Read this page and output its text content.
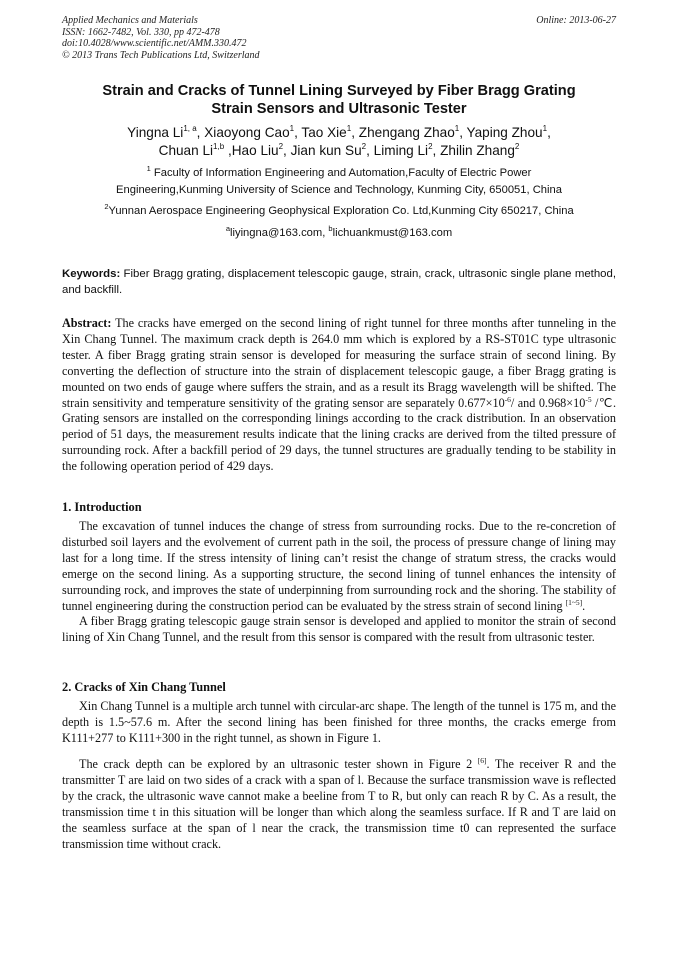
Applied Mechanics and Materials
ISSN: 1662-7482, Vol. 330, pp 472-478
doi:10.4028/www.scientific.net/AMM.330.472
© 2013 Trans Tech Publications Ltd, Switzerland
Online: 2013-06-27
Strain and Cracks of Tunnel Lining Surveyed by Fiber Bragg Grating
Strain Sensors and Ultrasonic Tester
Yingna Li$^{1, a}$, Xiaoyong Cao$^1$, Tao Xie$^1$, Zhengang Zhao$^1$, Yaping Zhou$^1$,
Chuan Li$^{1,b}$ ,Hao Liu$^2$, Jian kun Su$^2$, Liming Li$^2$, Zhilin Zhang$^2$
$^1$ Faculty of Information Engineering and Automation,Faculty of Electric Power
Engineering,Kunming University of Science and Technology, Kunming City, 650051, China
$^2$Yunnan Aerospace Engineering Geophysical Exploration Co. Ltd,Kunming City 650217, China
$^a$liyingna@163.com, $^b$lichuankmust@163.com
Keywords: Fiber Bragg grating, displacement telescopic gauge, strain, crack, ultrasonic single plane method, and backfill.

Abstract: The cracks have emerged on the second lining of right tunnel for three months after tunneling in the Xin Chang Tunnel. The maximum crack depth is 264.0 mm which is explored by a RS-ST01C type ultrasonic tester. A fiber Bragg grating strain sensor is developed for measuring the surface strain of second lining. By converting the deflection of structure into the strain of displacement telescopic gauge, a fiber Bragg grating is mounted on two ends of gauge where suffers the strain, and as a result its Bragg wavelength will be shifted. The strain sensitivity and temperature sensitivity of the grating sensor are separately $0.677\times 10^{-6}/$ and $0.968\times 10^{-5}$ /℃. Grating sensors are installed on the corresponding linings according to the crack distribution. In an observation period of 51 days, the measurement results indicate that the lining cracks are derived from the tilted pressure of surrounding rock. After a backfill period of 29 days, the tunnel structures are gradually tending to be stability in the following operation period of 429 days.

1. Introduction

The excavation of tunnel induces the change of stress from surrounding rocks. Due to the re-concretion of disturbed soil layers and the evolvement of current path in the soil, the process of pressure change of lining may last for a long time. If the stress intensity of lining can’t resist the change of stratum stress, the cracks would emerge on the second lining. As a supporting structure, the second lining of tunnel enhances the intensity of surrounding rock, and improves the state of underpinning from surrounding rock and the shoring. The stability of tunnel engineering during the construction period can be evaluated by the stress strain of second lining [1~5].

A fiber Bragg grating telescopic gauge strain sensor is developed and applied to monitor the strain of second lining of Xin Chang Tunnel, and the result from this sensor is compared with the result from ultrasonic tester.

2. Cracks of Xin Chang Tunnel

Xin Chang Tunnel is a multiple arch tunnel with circular-arc shape. The length of the tunnel is 175 m, and the depth is 1.5~57.6 m. After the second lining has been finished for three months, the cracks emerge from K111+277 to K111+300 in the right tunnel, as shown in Figure 1.

The crack depth can be explored by an ultrasonic tester shown in Figure 2 [6]. The receiver R and the transmitter T are laid on two sides of a crack with a span of l. Because the surface transmission wave is reflected by the crack, the ultrasonic wave cannot make a beeline from T to R, but only can reach R by C. As a result, the transmission time t in this situation will be longer than which along the seamless surface. If R and T are laid on the seamless surface at the span of l near the crack, the transmission time t0 can represented the surface transmission time without crack.
